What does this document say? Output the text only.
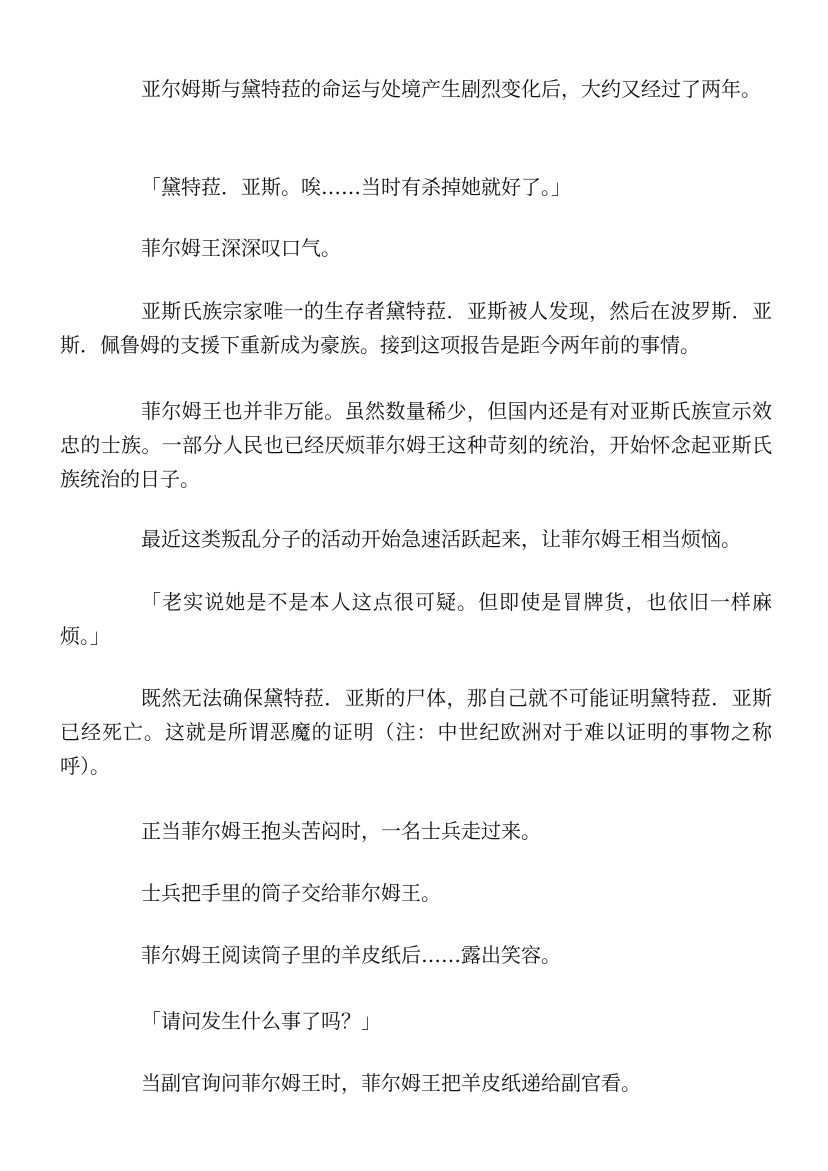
亚尔姆斯与黛特菈的命运与处境产生剧烈变化后，大约又经过了两年。

「黛特菈．亚斯。唉……当时有杀掉她就好了。」

菲尔姆王深深叹口气。

亚斯氏族宗家唯一的生存者黛特菈．亚斯被人发现，然后在波罗斯．亚斯．佩鲁姆的支援下重新成为豪族。接到这项报告是距今两年前的事情。

菲尔姆王也并非万能。虽然数量稀少，但国内还是有对亚斯氏族宣示效忠的士族。一部分人民也已经厌烦菲尔姆王这种苛刻的统治，开始怀念起亚斯氏族统治的日子。

最近这类叛乱分子的活动开始急速活跃起来，让菲尔姆王相当烦恼。

「老实说她是不是本人这点很可疑。但即使是冒牌货，也依旧一样麻烦。」

既然无法确保黛特菈．亚斯的尸体，那自己就不可能证明黛特菈．亚斯已经死亡。这就是所谓恶魔的证明（注：中世纪欧洲对于难以证明的事物之称呼）。

正当菲尔姆王抱头苦闷时，一名士兵走过来。

士兵把手里的筒子交给菲尔姆王。

菲尔姆王阅读筒子里的羊皮纸后……露出笑容。

「请问发生什么事了吗？」

当副官询问菲尔姆王时，菲尔姆王把羊皮纸递给副官看。
